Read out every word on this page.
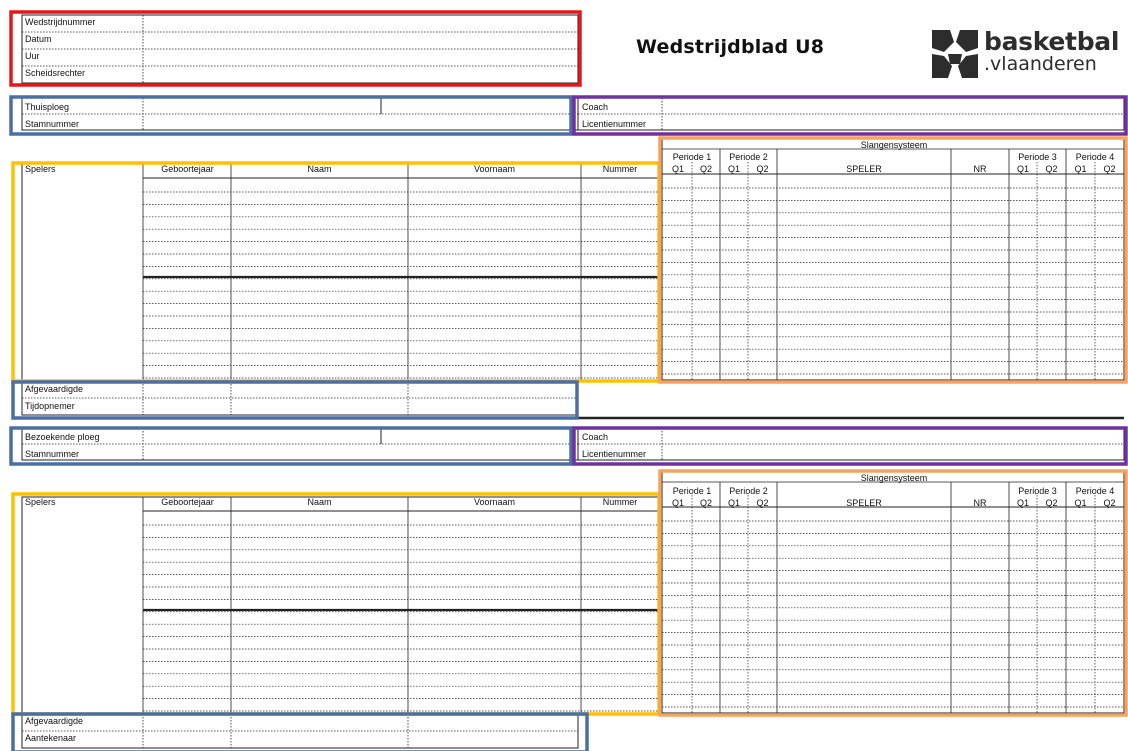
Wedstrijdblad U8	basketbal
.vlaanderen
Wedstrijdnummer
Datum
Uur
Scheidsrechter
Thuisploeg
Stamnummer
Coach
Licentienummer
Spelers	Geboortejaar	Naam	Voornaam	Nummer
Afgevaardigde
Tijdopnemer
Slangensysteem
Periode 1	Periode 2	Periode 3	Periode 4
Q1	Q2	Q1	Q2	SPELER	NR	Q1	Q2	Q1	Q2
Bezoekende ploeg
Stamnummer
Coach
Licentienummer
Spelers	Geboortejaar	Naam	Voornaam	Nummer
Afgevaardigde
Aantekenaar
Slangensysteem
Periode 1	Periode 2	Periode 3	Periode 4
Q1	Q2	Q1	Q2	SPELER	NR	Q1	Q2	Q1	Q2
